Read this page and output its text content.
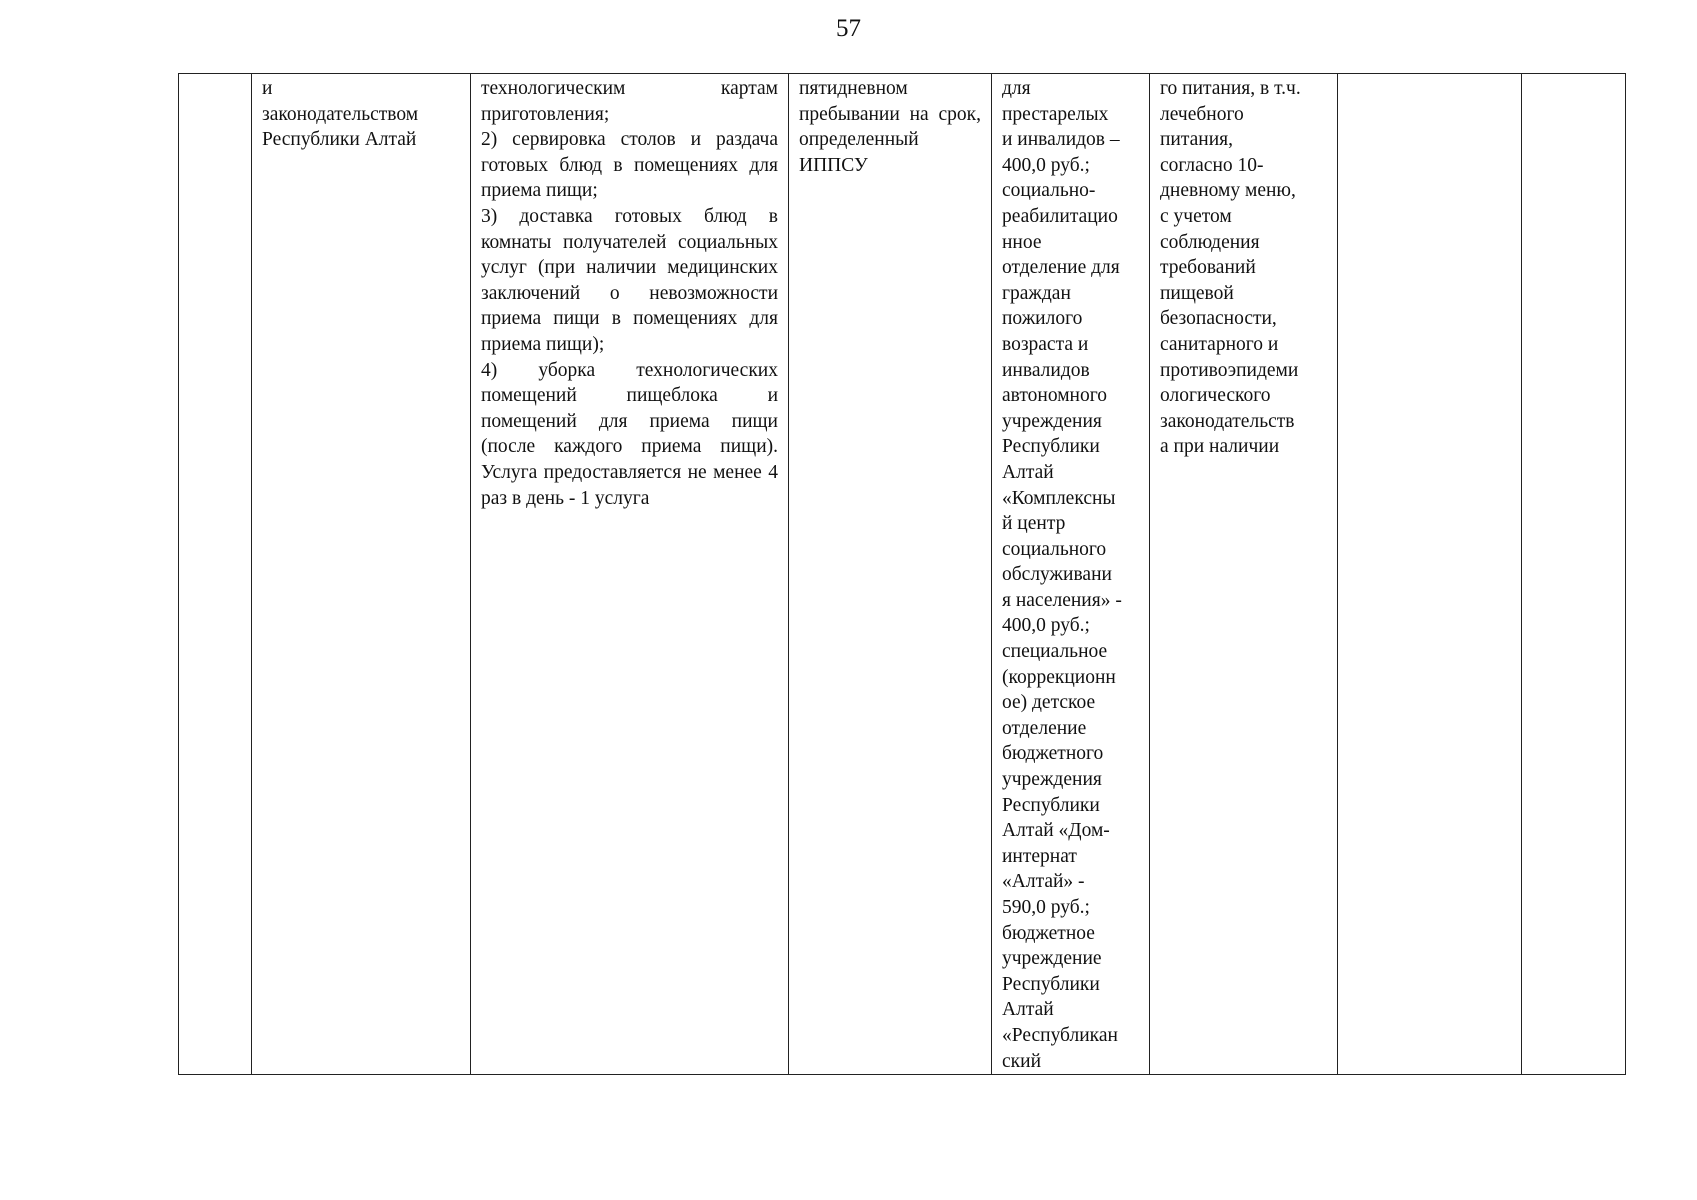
57
	и
законодательством
Республики Алтай	технологическим картам приготовления;
2) сервировка столов и раздача готовых блюд в помещениях для приема пищи;
3) доставка готовых блюд в комнаты получателей социальных услуг (при наличии медицинских заключений о невозможности приема пищи в помещениях для приема пищи);
4) уборка технологических помещений пищеблока и помещений для приема пищи (после каждого приема пищи). Услуга предоставляется не менее 4 раз в день - 1 услуга	пятидневном пребывании на срок, определенный ИППСУ	для
престарелых
и инвалидов –
400,0 руб.;
социально-
реабилитацио
нное
отделение для
граждан
пожилого
возраста и
инвалидов
автономного
учреждения
Республики
Алтай
«Комплексны
й центр
социального
обслуживани
я населения» -
400,0 руб.;
специальное
(коррекционн
ое) детское
отделение
бюджетного
учреждения
Республики
Алтай «Дом-
интернат
«Алтай» -
590,0 руб.;
бюджетное
учреждение
Республики
Алтай
«Республикан
ский	го питания, в т.ч.
лечебного
питания,
согласно 10-
дневному меню,
с учетом
соблюдения
требований
пищевой
безопасности,
санитарного и
противоэпидеми
ологического
законодательств
а при наличии		
